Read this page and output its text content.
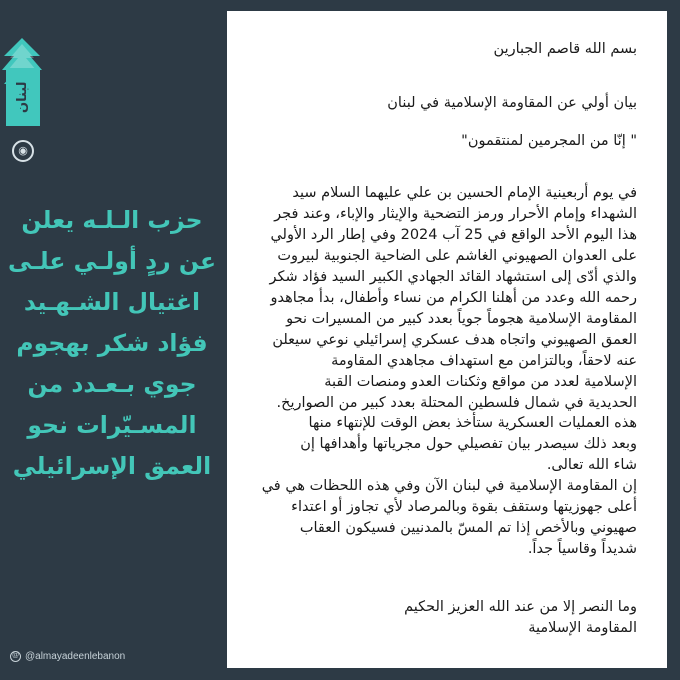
لبنان
◉
حزب الـلـه يعلن
عن ردٍ أولـي علـى
اغتيال الشـهـيد
فؤاد شكر بهجوم
جوي بـعـدد من
المسـيّرات نحو
العمق الإسرائيلي
@ @almayadeenlebanon
بسم الله قاصم الجبارين
بيان أولي عن المقاومة الإسلامية في لبنان
" إنّا من المجرمين لمنتقمون"
في يوم أربعينية الإمام الحسين بن علي عليهما السلام سيد
الشهداء وإمام الأحرار ورمز التضحية والإيثار والإباء، وعند فجر
هذا اليوم الأحد الواقع في 25 آب 2024 وفي إطار الرد الأولي
على العدوان الصهيوني الغاشم على الضاحية الجنوبية لبيروت
والذي أدّى إلى استشهاد القائد الجهادي الكبير السيد فؤاد شكر
رحمه الله وعدد من أهلنا الكرام من نساء وأطفال، بدأ مجاهدو
المقاومة الإسلامية هجوماً جوياً بعدد كبير من المسيرات نحو
العمق الصهيوني واتجاه هدف عسكري إسرائيلي نوعي سيعلن
عنه لاحقاً، وبالتزامن مع استهداف مجاهدي المقاومة
الإسلامية لعدد من مواقع وثكنات العدو ومنصات القبة
الحديدية في شمال فلسطين المحتلة بعدد كبير من الصواريخ.
هذه العمليات العسكرية ستأخذ بعض الوقت للإنتهاء منها
وبعد ذلك سيصدر بيان تفصيلي حول مجرياتها وأهدافها إن
شاء الله تعالى.
إن المقاومة الإسلامية في لبنان الآن وفي هذه اللحظات هي في
أعلى جهوزيتها وستقف بقوة وبالمرصاد لأي تجاوز أو اعتداء
صهيوني وبالأخص إذا تم المسّ بالمدنيين فسيكون العقاب
شديداً وقاسياً جداً.
وما النصر إلا من عند الله العزيز الحكيم
المقاومة الإسلامية
